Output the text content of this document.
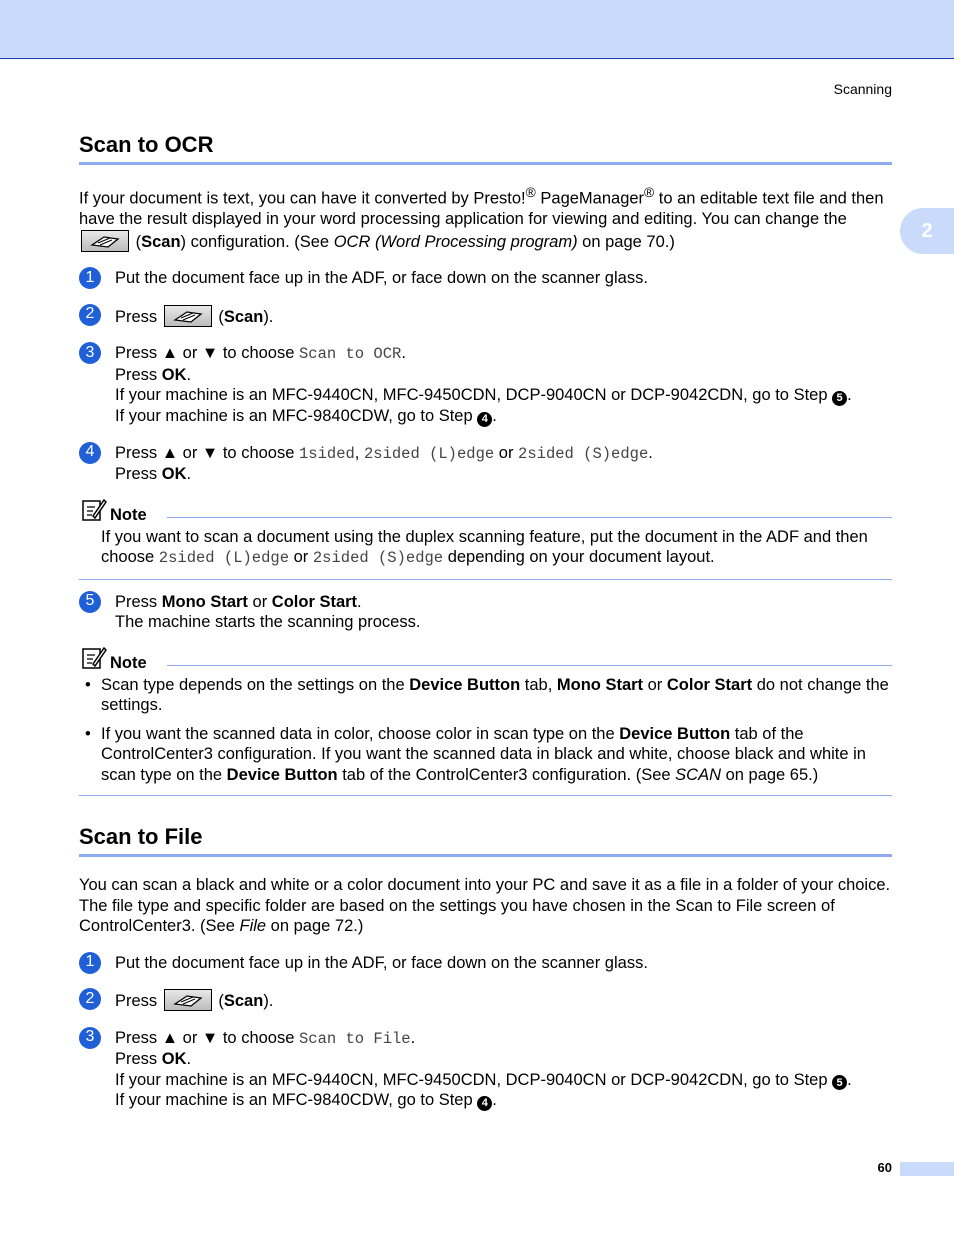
Scanning
2
Scan to OCR

If your document is text, you can have it converted by Presto!® PageManager® to an editable text file and then have the result displayed in your word processing application for viewing and editing. You can change the
(Scan) configuration. (See OCR (Word Processing program) on page 70.)

1	Put the document face up in the ADF, or face down on the scanner glass.
2	Press	(Scan).
3	Press ▲ or ▼ to choose Scan to OCR.
Press OK.
If your machine is an MFC-9440CN, MFC-9450CDN, DCP-9040CN or DCP-9042CDN, go to Step 5 .
If your machine is an MFC-9840CDW, go to Step 4 .
4	Press ▲ or ▼ to choose 1sided, 2sided (L)edge or 2sided (S)edge.
Press OK.
Note

If you want to scan a document using the duplex scanning feature, put the document in the ADF and then choose 2sided (L)edge or 2sided (S)edge depending on your document layout.

5	Press Mono Start or Color Start.
The machine starts the scanning process.
Note
• Scan type depends on the settings on the Device Button tab, Mono Start or Color Start do not change the settings.
• If you want the scanned data in color, choose color in scan type on the Device Button tab of the ControlCenter3 configuration. If you want the scanned data in black and white, choose black and white in scan type on the Device Button tab of the ControlCenter3 configuration. (See SCAN on page 65.)
Scan to File

You can scan a black and white or a color document into your PC and save it as a file in a folder of your choice. The file type and specific folder are based on the settings you have chosen in the Scan to File screen of ControlCenter3. (See File on page 72.)

1	Put the document face up in the ADF, or face down on the scanner glass.
2	Press	(Scan).
3	Press ▲ or ▼ to choose Scan to File.
Press OK.
If your machine is an MFC-9440CN, MFC-9450CDN, DCP-9040CN or DCP-9042CDN, go to Step 5 .
If your machine is an MFC-9840CDW, go to Step 4 .
60
